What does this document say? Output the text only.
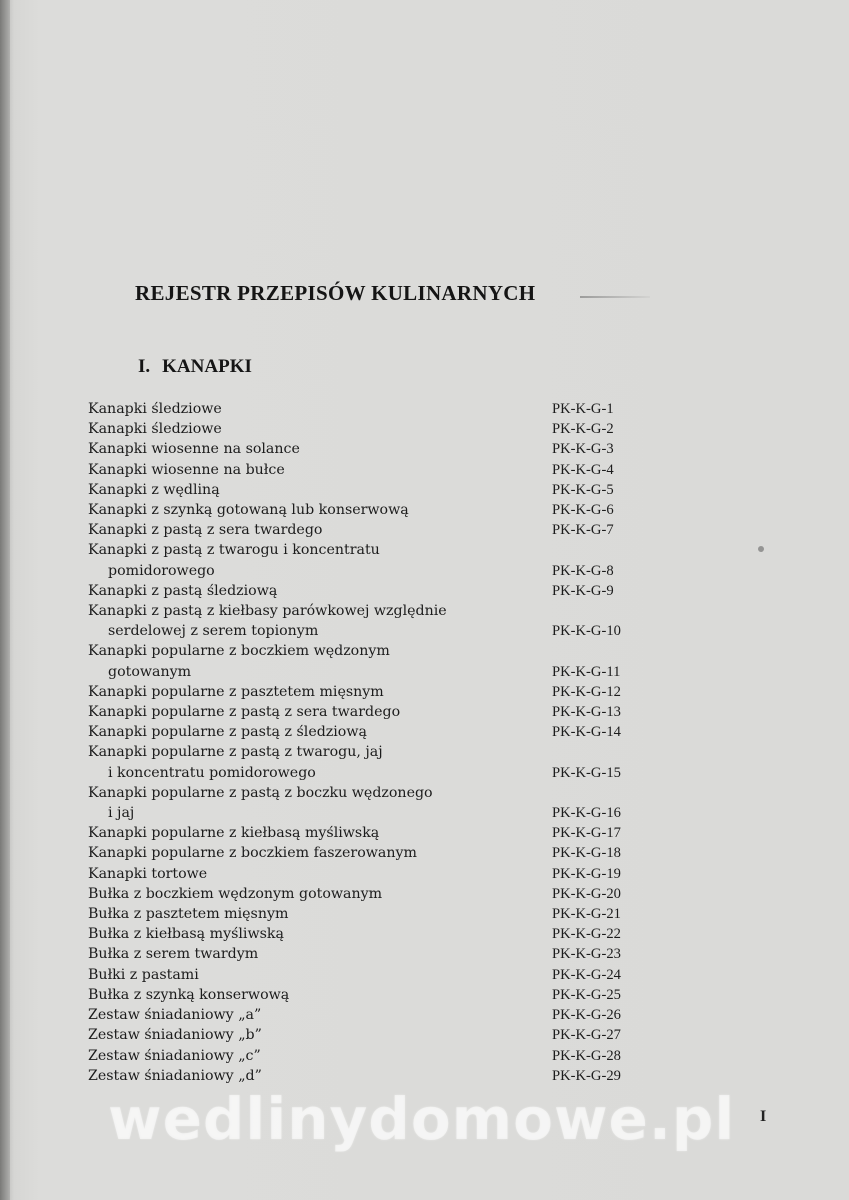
REJESTR PRZEPISÓW KULINARNYCH
I. KANAPKI
Kanapki śledziowe	PK-K-G-1
Kanapki śledziowe	PK-K-G-2
Kanapki wiosenne na solance	PK-K-G-3
Kanapki wiosenne na bułce	PK-K-G-4
Kanapki z wędliną	PK-K-G-5
Kanapki z szynką gotowaną lub konserwową	PK-K-G-6
Kanapki z pastą z sera twardego	PK-K-G-7
Kanapki z pastą z twarogu i koncentratu
pomidorowego	PK-K-G-8
Kanapki z pastą śledziową	PK-K-G-9
Kanapki z pastą z kiełbasy parówkowej względnie
serdelowej z serem topionym	PK-K-G-10
Kanapki popularne z boczkiem wędzonym
gotowanym	PK-K-G-11
Kanapki popularne z pasztetem mięsnym	PK-K-G-12
Kanapki popularne z pastą z sera twardego	PK-K-G-13
Kanapki popularne z pastą z śledziową	PK-K-G-14
Kanapki popularne z pastą z twarogu, jaj
i koncentratu pomidorowego	PK-K-G-15
Kanapki popularne z pastą z boczku wędzonego
i jaj	PK-K-G-16
Kanapki popularne z kiełbasą myśliwską	PK-K-G-17
Kanapki popularne z boczkiem faszerowanym	PK-K-G-18
Kanapki tortowe	PK-K-G-19
Bułka z boczkiem wędzonym gotowanym	PK-K-G-20
Bułka z pasztetem mięsnym	PK-K-G-21
Bułka z kiełbasą myśliwską	PK-K-G-22
Bułka z serem twardym	PK-K-G-23
Bułki z pastami	PK-K-G-24
Bułka z szynką konserwową	PK-K-G-25
Zestaw śniadaniowy „a”	PK-K-G-26
Zestaw śniadaniowy „b”	PK-K-G-27
Zestaw śniadaniowy „c”	PK-K-G-28
Zestaw śniadaniowy „d”	PK-K-G-29
wedlinydomowe.pl I
